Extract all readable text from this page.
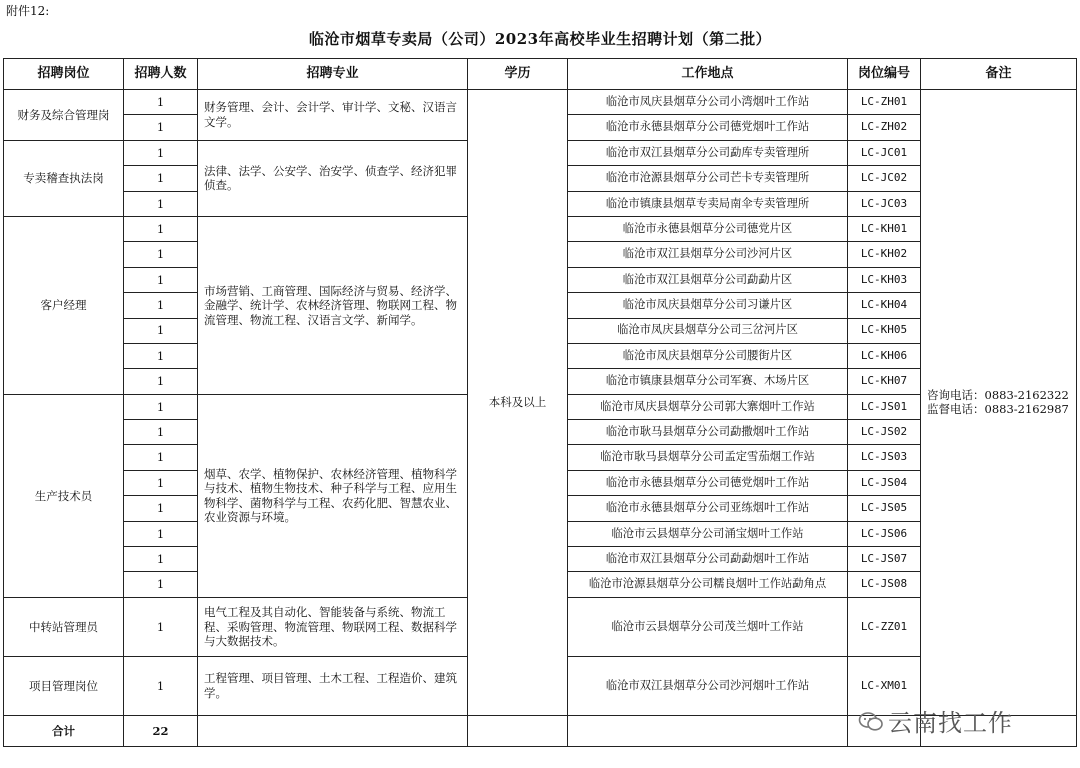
附件12:
临沧市烟草专卖局（公司）2023年高校毕业生招聘计划（第二批）
招聘岗位	招聘人数	招聘专业	学历	工作地点	岗位编号	备注
财务及综合管理岗	1	财务管理、会计、会计学、审计学、文秘、汉语言文学。	本科及以上	临沧市凤庆县烟草分公司小湾烟叶工作站	LC-ZH01	咨询电话：0883-2162322
监督电话：0883-2162987

	1			临沧市永德县烟草分公司德党烟叶工作站	LC-ZH02	
专卖稽查执法岗	1	法律、法学、公安学、治安学、侦查学、经济犯罪侦查。		临沧市双江县烟草分公司勐库专卖管理所	LC-JC01	
	1			临沧市沧源县烟草分公司芒卡专卖管理所	LC-JC02	
	1			临沧市镇康县烟草专卖局南伞专卖管理所	LC-JC03	
客户经理	1	市场营销、工商管理、国际经济与贸易、经济学、金融学、统计学、农林经济管理、物联网工程、物流管理、物流工程、汉语言文学、新闻学。		临沧市永德县烟草分公司德党片区	LC-KH01	
	1			临沧市双江县烟草分公司沙河片区	LC-KH02	
	1			临沧市双江县烟草分公司勐勐片区	LC-KH03	
	1			临沧市凤庆县烟草分公司习谦片区	LC-KH04	
	1			临沧市凤庆县烟草分公司三岔河片区	LC-KH05	
	1			临沧市凤庆县烟草分公司腰街片区	LC-KH06	
	1			临沧市镇康县烟草分公司军赛、木场片区	LC-KH07	
生产技术员	1	烟草、农学、植物保护、农林经济管理、植物科学与技术、植物生物技术、种子科学与工程、应用生物科学、菌物科学与工程、农药化肥、智慧农业、农业资源与环境。		临沧市凤庆县烟草分公司郭大寨烟叶工作站	LC-JS01	
	1			临沧市耿马县烟草分公司勐撒烟叶工作站	LC-JS02	
	1			临沧市耿马县烟草分公司孟定雪茄烟工作站	LC-JS03	
	1			临沧市永德县烟草分公司德党烟叶工作站	LC-JS04	
	1			临沧市永德县烟草分公司亚练烟叶工作站	LC-JS05	
	1			临沧市云县烟草分公司涌宝烟叶工作站	LC-JS06	
	1			临沧市双江县烟草分公司勐勐烟叶工作站	LC-JS07	
	1			临沧市沧源县烟草分公司糯良烟叶工作站勐角点	LC-JS08	
中转站管理员	1	电气工程及其自动化、智能装备与系统、物流工程、采购管理、物流管理、物联网工程、数据科学与大数据技术。		临沧市云县烟草分公司茂兰烟叶工作站	LC-ZZ01	
项目管理岗位	1	工程管理、项目管理、土木工程、工程造价、建筑学。		临沧市双江县烟草分公司沙河烟叶工作站	LC-XM01	
合计	22						云南找工作
